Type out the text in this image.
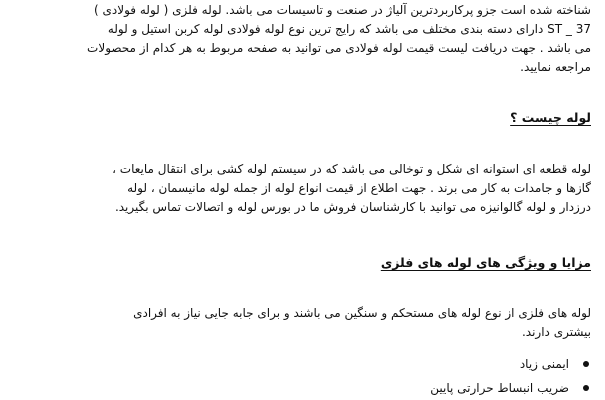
شناخته شده است جزو پرکاربردترین آلیاژ در صنعت و تاسیسات می باشد. لوله فلزی ( لوله فولادی )
37 _ ST دارای دسته بندی مختلف می باشد که رایج ترین نوع لوله فولادی لوله کربن استیل و لوله
می باشد . جهت دریافت لیست قیمت لوله فولادی می توانید به صفحه مربوط به هر کدام از محصولات
مراجعه نمایید.

لوله چیست ؟

لوله قطعه ای استوانه ای شکل و توخالی می باشد که در سیستم لوله کشی برای انتقال مایعات ،
گازها و جامدات به کار می برند . جهت اطلاع از قیمت انواع لوله از جمله لوله مانیسمان ، لوله
درزدار و لوله گالوانیزه می توانید با کارشناسان فروش ما در بورس لوله و اتصالات تماس بگیرید.

مزایا و ویژگی های لوله های فلزی

لوله های فلزی از نوع لوله های مستحکم و سنگین می باشند و برای جابه جایی نیاز به افرادی
بیشتری دارند.

ایمنی زیاد
ضریب انبساط حرارتی پایین
